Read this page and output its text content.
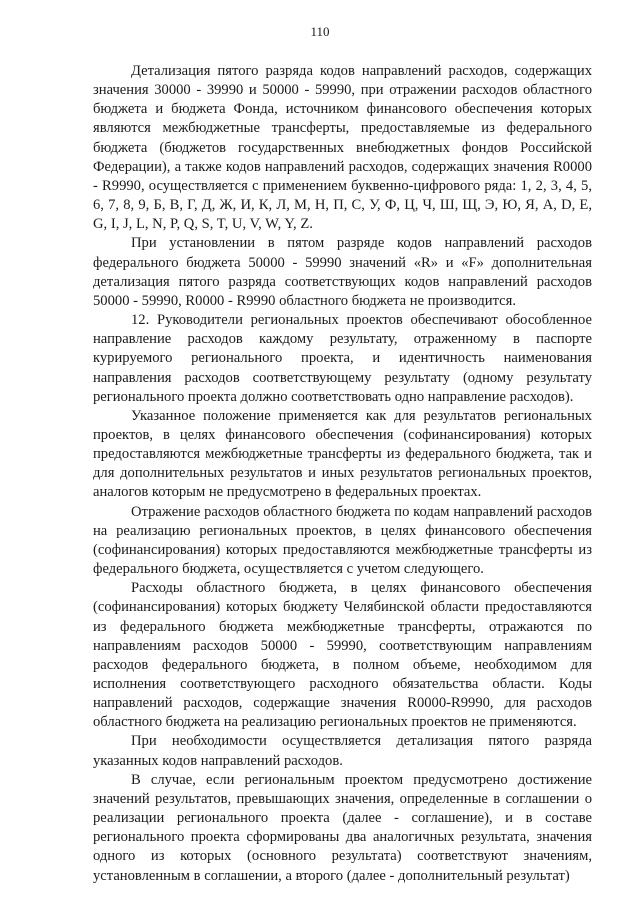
110

Детализация пятого разряда кодов направлений расходов, содержащих значения 30000 - 39990 и 50000 - 59990, при отражении расходов областного бюджета и бюджета Фонда, источником финансового обеспечения которых являются межбюджетные трансферты, предоставляемые из федерального бюджета (бюджетов государственных внебюджетных фондов Российской Федерации), а также кодов направлений расходов, содержащих значения R0000 - R9990, осуществляется с применением буквенно-цифрового ряда: 1, 2, 3, 4, 5, 6, 7, 8, 9, Б, В, Г, Д, Ж, И, К, Л, М, Н, П, С, У, Ф, Ц, Ч, Ш, Щ, Э, Ю, Я, A, D, E, G, I, J, L, N, P, Q, S, T, U, V, W, Y, Z.

При установлении в пятом разряде кодов направлений расходов федерального бюджета 50000 - 59990 значений «R» и «F» дополнительная детализация пятого разряда соответствующих кодов направлений расходов 50000 - 59990, R0000 - R9990 областного бюджета не производится.

12. Руководители региональных проектов обеспечивают обособленное направление расходов каждому результату, отраженному в паспорте курируемого регионального проекта, и идентичность наименования направления расходов соответствующему результату (одному результату регионального проекта должно соответствовать одно направление расходов).

Указанное положение применяется как для результатов региональных проектов, в целях финансового обеспечения (софинансирования) которых предоставляются межбюджетные трансферты из федерального бюджета, так и для дополнительных результатов и иных результатов региональных проектов, аналогов которым не предусмотрено в федеральных проектах.

Отражение расходов областного бюджета по кодам направлений расходов на реализацию региональных проектов, в целях финансового обеспечения (софинансирования) которых предоставляются межбюджетные трансферты из федерального бюджета, осуществляется с учетом следующего.

Расходы областного бюджета, в целях финансового обеспечения (софинансирования) которых бюджету Челябинской области предоставляются из федерального бюджета межбюджетные трансферты, отражаются по направлениям расходов 50000 - 59990, соответствующим направлениям расходов федерального бюджета, в полном объеме, необходимом для исполнения соответствующего расходного обязательства области. Коды направлений расходов, содержащие значения R0000-R9990, для расходов областного бюджета на реализацию региональных проектов не применяются.

При необходимости осуществляется детализация пятого разряда указанных кодов направлений расходов.

В случае, если региональным проектом предусмотрено достижение значений результатов, превышающих значения, определенные в соглашении о реализации регионального проекта (далее - соглашение), и в составе регионального проекта сформированы два аналогичных результата, значения одного из которых (основного результата) соответствуют значениям, установленным в соглашении, а второго (далее - дополнительный результат)
